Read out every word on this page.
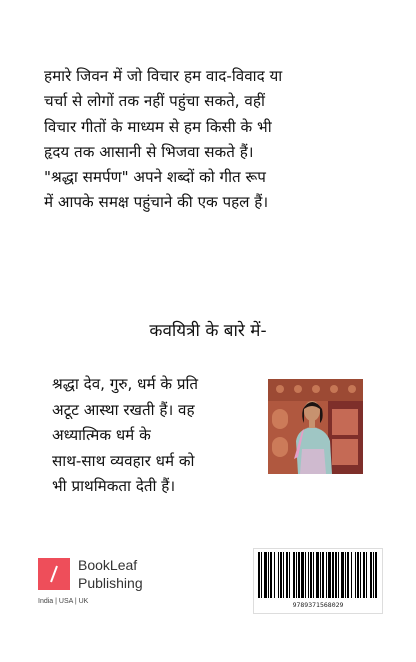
हमारे जिवन में जो विचार हम वाद-विवाद या
चर्चा से लोगों तक नहीं पहुंचा सकते, वहीं
विचार गीतों के माध्यम से हम किसी के भी
हृदय तक आसानी से भिजवा सकते हैं।
"श्रद्धा समर्पण" अपने शब्दों को गीत रूप
में आपके समक्ष पहुंचाने की एक पहल हैं।
कवयित्री के बारे में-
श्रद्धा देव, गुरु, धर्म के प्रति
अटूट आस्था रखती हैं। वह
अध्यात्मिक धर्म के
साथ-साथ व्यवहार धर्म को
भी प्राथमिकता देती हैं।
BookLeaf
Publishing
India | USA | UK	9789371568029
